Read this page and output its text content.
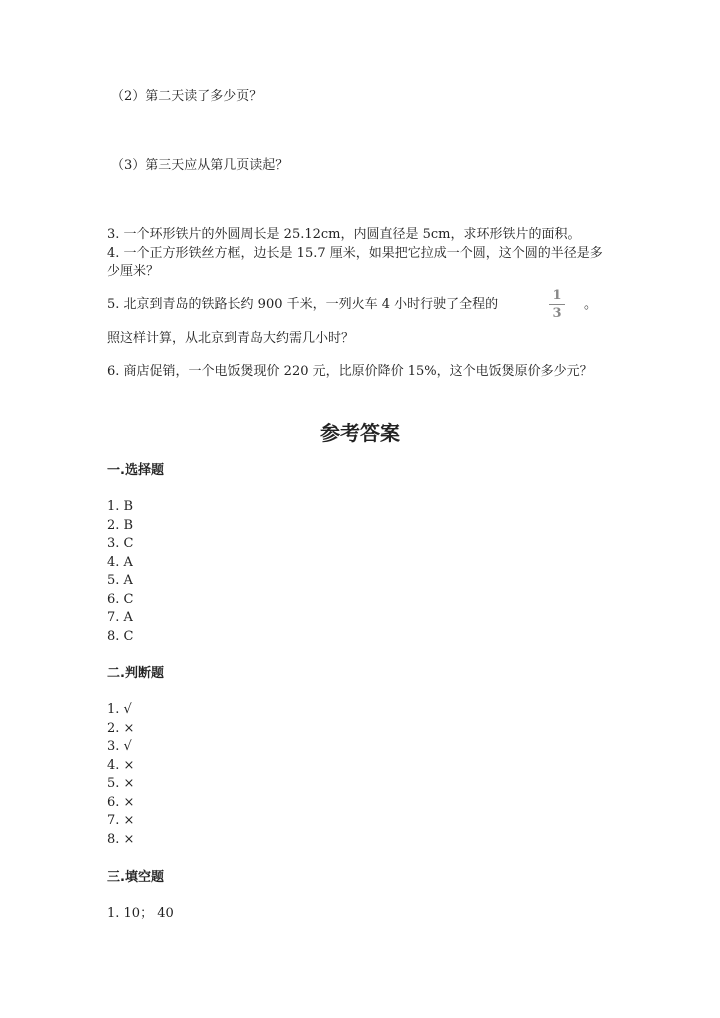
（2）第二天读了多少页？
（3）第三天应从第几页读起？
3. 一个环形铁片的外圆周长是 25.12cm，内圆直径是 5cm，求环形铁片的面积。
4. 一个正方形铁丝方框，边长是 15.7 厘米，如果把它拉成一个圆，这个圆的半径是多少厘米？
5. 北京到青岛的铁路长约 900 千米，一列火车 4 小时行驶了全程的
1
3
。
照这样计算，从北京到青岛大约需几小时？
6. 商店促销，一个电饭煲现价 220 元，比原价降价 15%，这个电饭煲原价多少元？
参考答案
一.选择题
1. B
2. B
3. C
4. A
5. A
6. C
7. A
8. C
二.判断题
1. √
2. ×
3. √
4. ×
5. ×
6. ×
7. ×
8. ×
三.填空题
1. 10； 40
